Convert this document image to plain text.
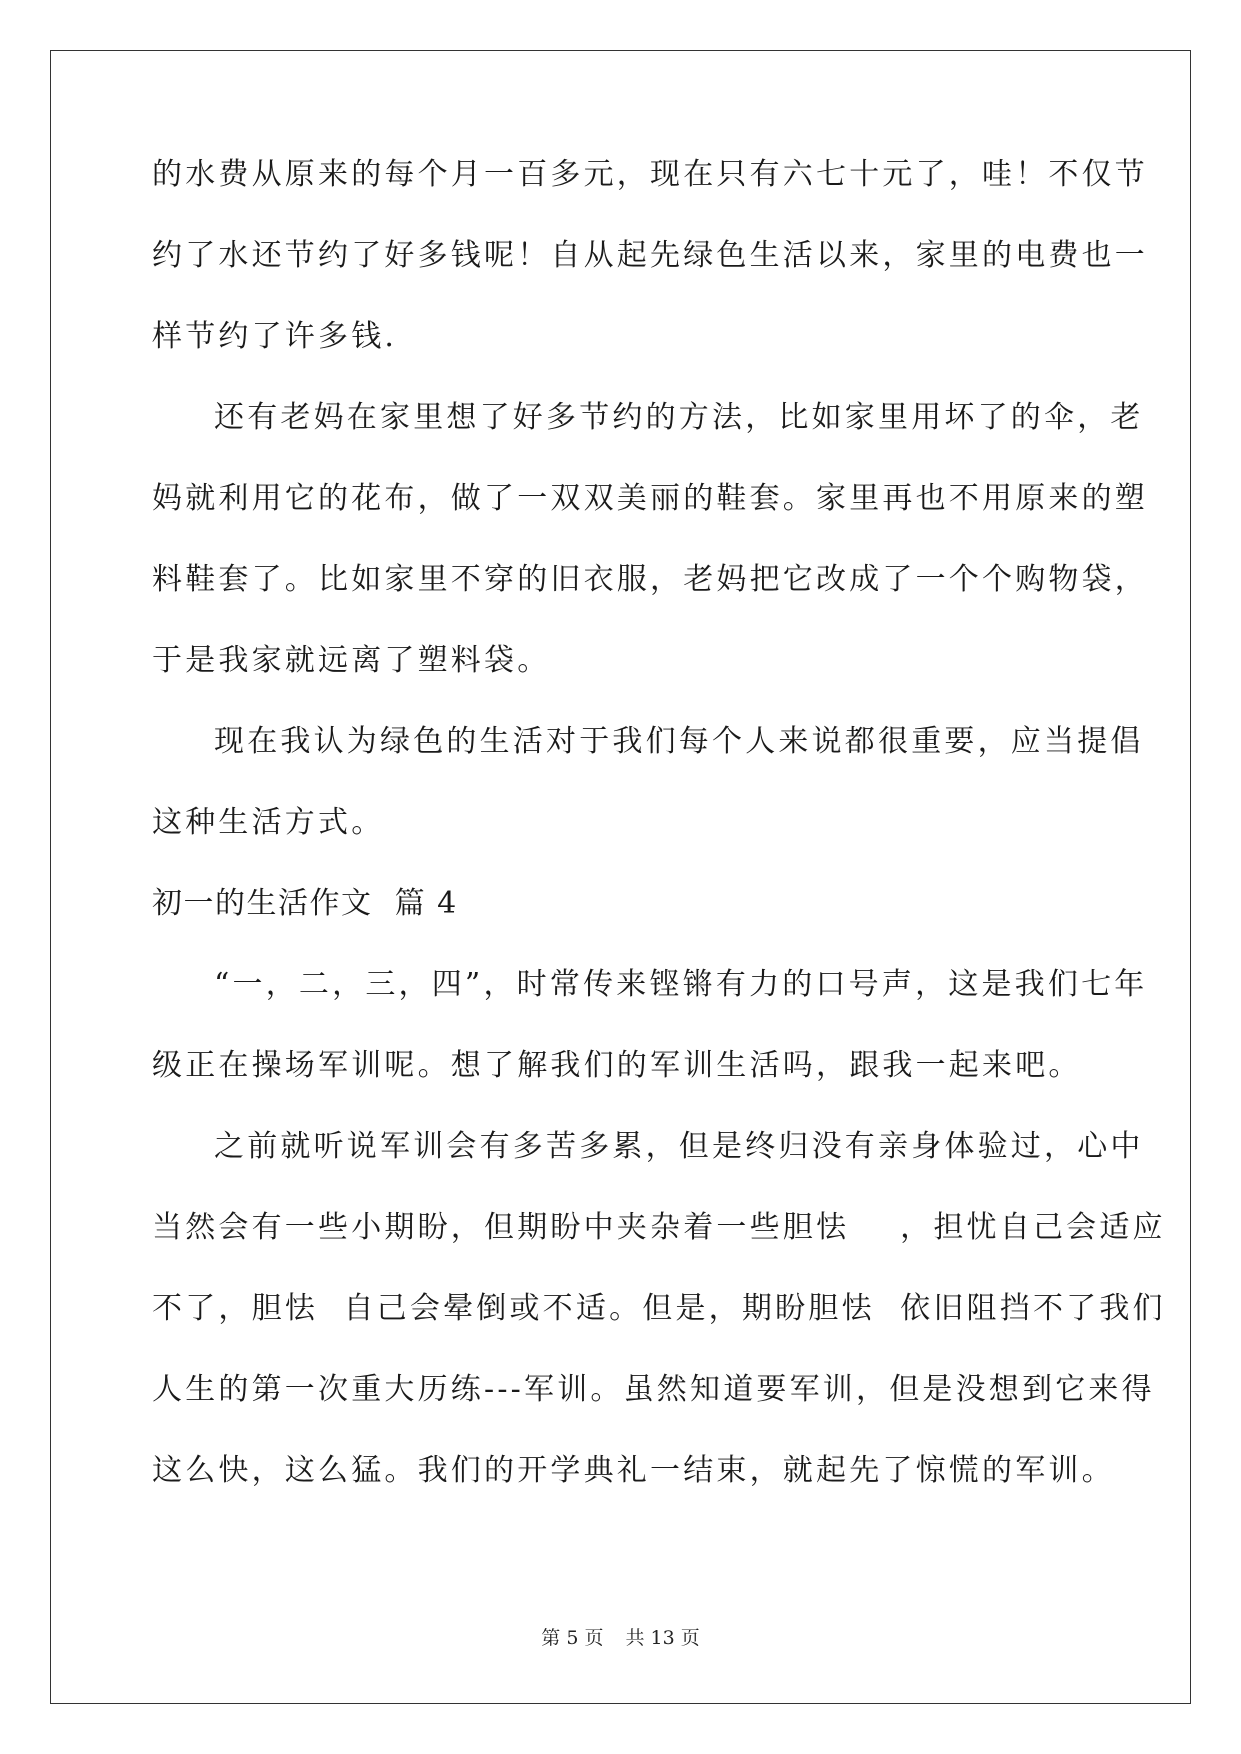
的水费从原来的每个月一百多元，现在只有六七十元了，哇！不仅节
约了水还节约了好多钱呢！自从起先绿色生活以来，家里的电费也一
样节约了许多钱.
还有老妈在家里想了好多节约的方法，比如家里用坏了的伞，老
妈就利用它的花布，做了一双双美丽的鞋套。家里再也不用原来的塑
料鞋套了。比如家里不穿的旧衣服，老妈把它改成了一个个购物袋，
于是我家就远离了塑料袋。
现在我认为绿色的生活对于我们每个人来说都很重要，应当提倡
这种生活方式。
初一的生活作文  篇 4
“一，二，三，四”，时常传来铿锵有力的口号声，这是我们七年
级正在操场军训呢。想了解我们的军训生活吗，跟我一起来吧。
之前就听说军训会有多苦多累，但是终归没有亲身体验过，心中
当然会有一些小期盼，但期盼中夹杂着一些胆怯    ，担忧自己会适应
不了，胆怯  自己会晕倒或不适。但是，期盼胆怯  依旧阻挡不了我们
人生的第一次重大历练---军训。虽然知道要军训，但是没想到它来得
这么快，这么猛。我们的开学典礼一结束，就起先了惊慌的军训。
第 5 页 共 13 页
